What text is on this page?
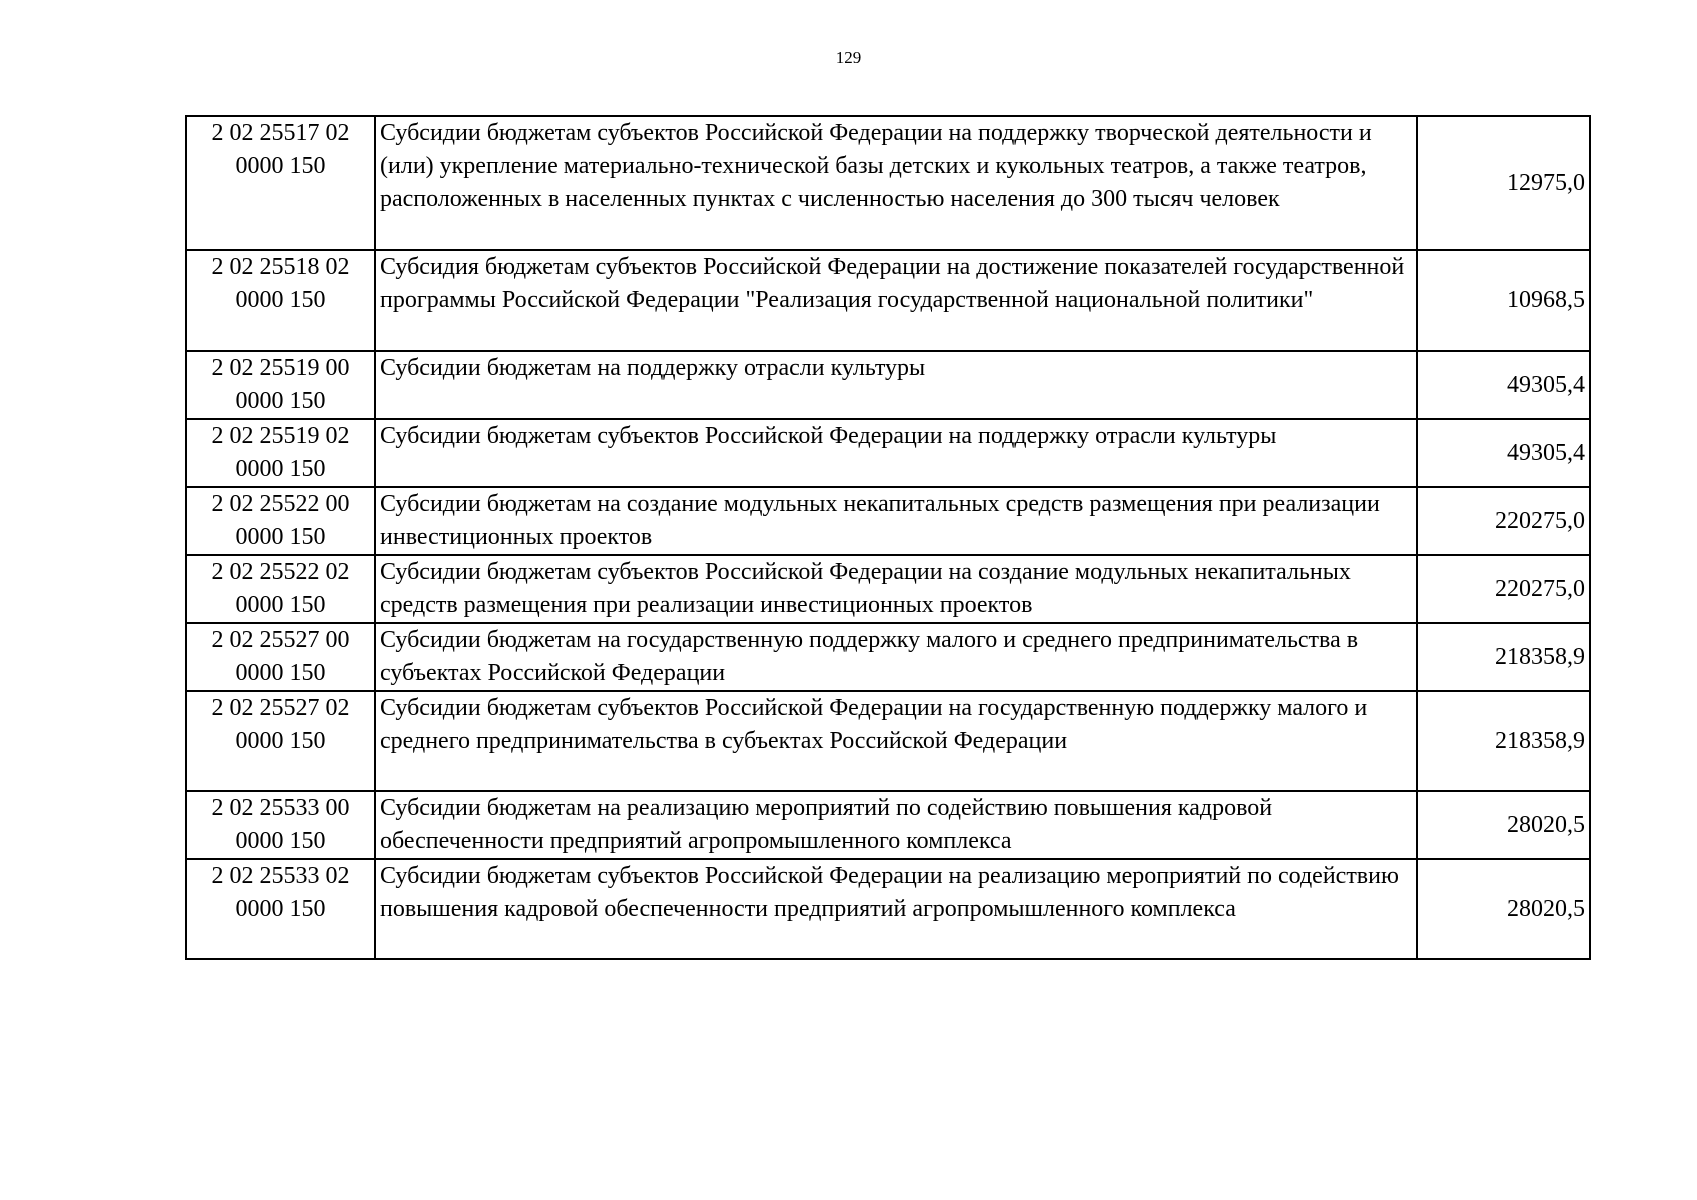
129
2 02 25517 02 0000 150	Субсидии бюджетам субъектов Российской Федерации на поддержку творческой деятельности и (или) укрепление материально-технической базы детских и кукольных театров, а также театров, расположенных в населенных пунктах с численностью населения до 300 тысяч человек	12975,0
2 02 25518 02 0000 150	Субсидия бюджетам субъектов Российской Федерации на достижение показателей государственной программы Российской Федерации "Реализация государственной национальной политики"	10968,5
2 02 25519 00 0000 150	Субсидии бюджетам на поддержку отрасли культуры	49305,4
2 02 25519 02 0000 150	Субсидии бюджетам субъектов Российской Федерации на поддержку отрасли культуры	49305,4
2 02 25522 00 0000 150	Субсидии бюджетам на создание модульных некапитальных средств размещения при реализации инвестиционных проектов	220275,0
2 02 25522 02 0000 150	Субсидии бюджетам субъектов Российской Федерации на создание модульных некапитальных средств размещения при реализации инвестиционных проектов	220275,0
2 02 25527 00 0000 150	Субсидии бюджетам на государственную поддержку малого и среднего предпринимательства в субъектах Российской Федерации	218358,9
2 02 25527 02 0000 150	Субсидии бюджетам субъектов Российской Федерации на государственную поддержку малого и среднего предпринимательства в субъектах Российской Федерации	218358,9
2 02 25533 00 0000 150	Субсидии бюджетам на реализацию мероприятий по содействию повышения кадровой обеспеченности предприятий агропромышленного комплекса	28020,5
2 02 25533 02 0000 150	Субсидии бюджетам субъектов Российской Федерации на реализацию мероприятий по содействию повышения кадровой обеспеченности предприятий агропромышленного комплекса	28020,5
